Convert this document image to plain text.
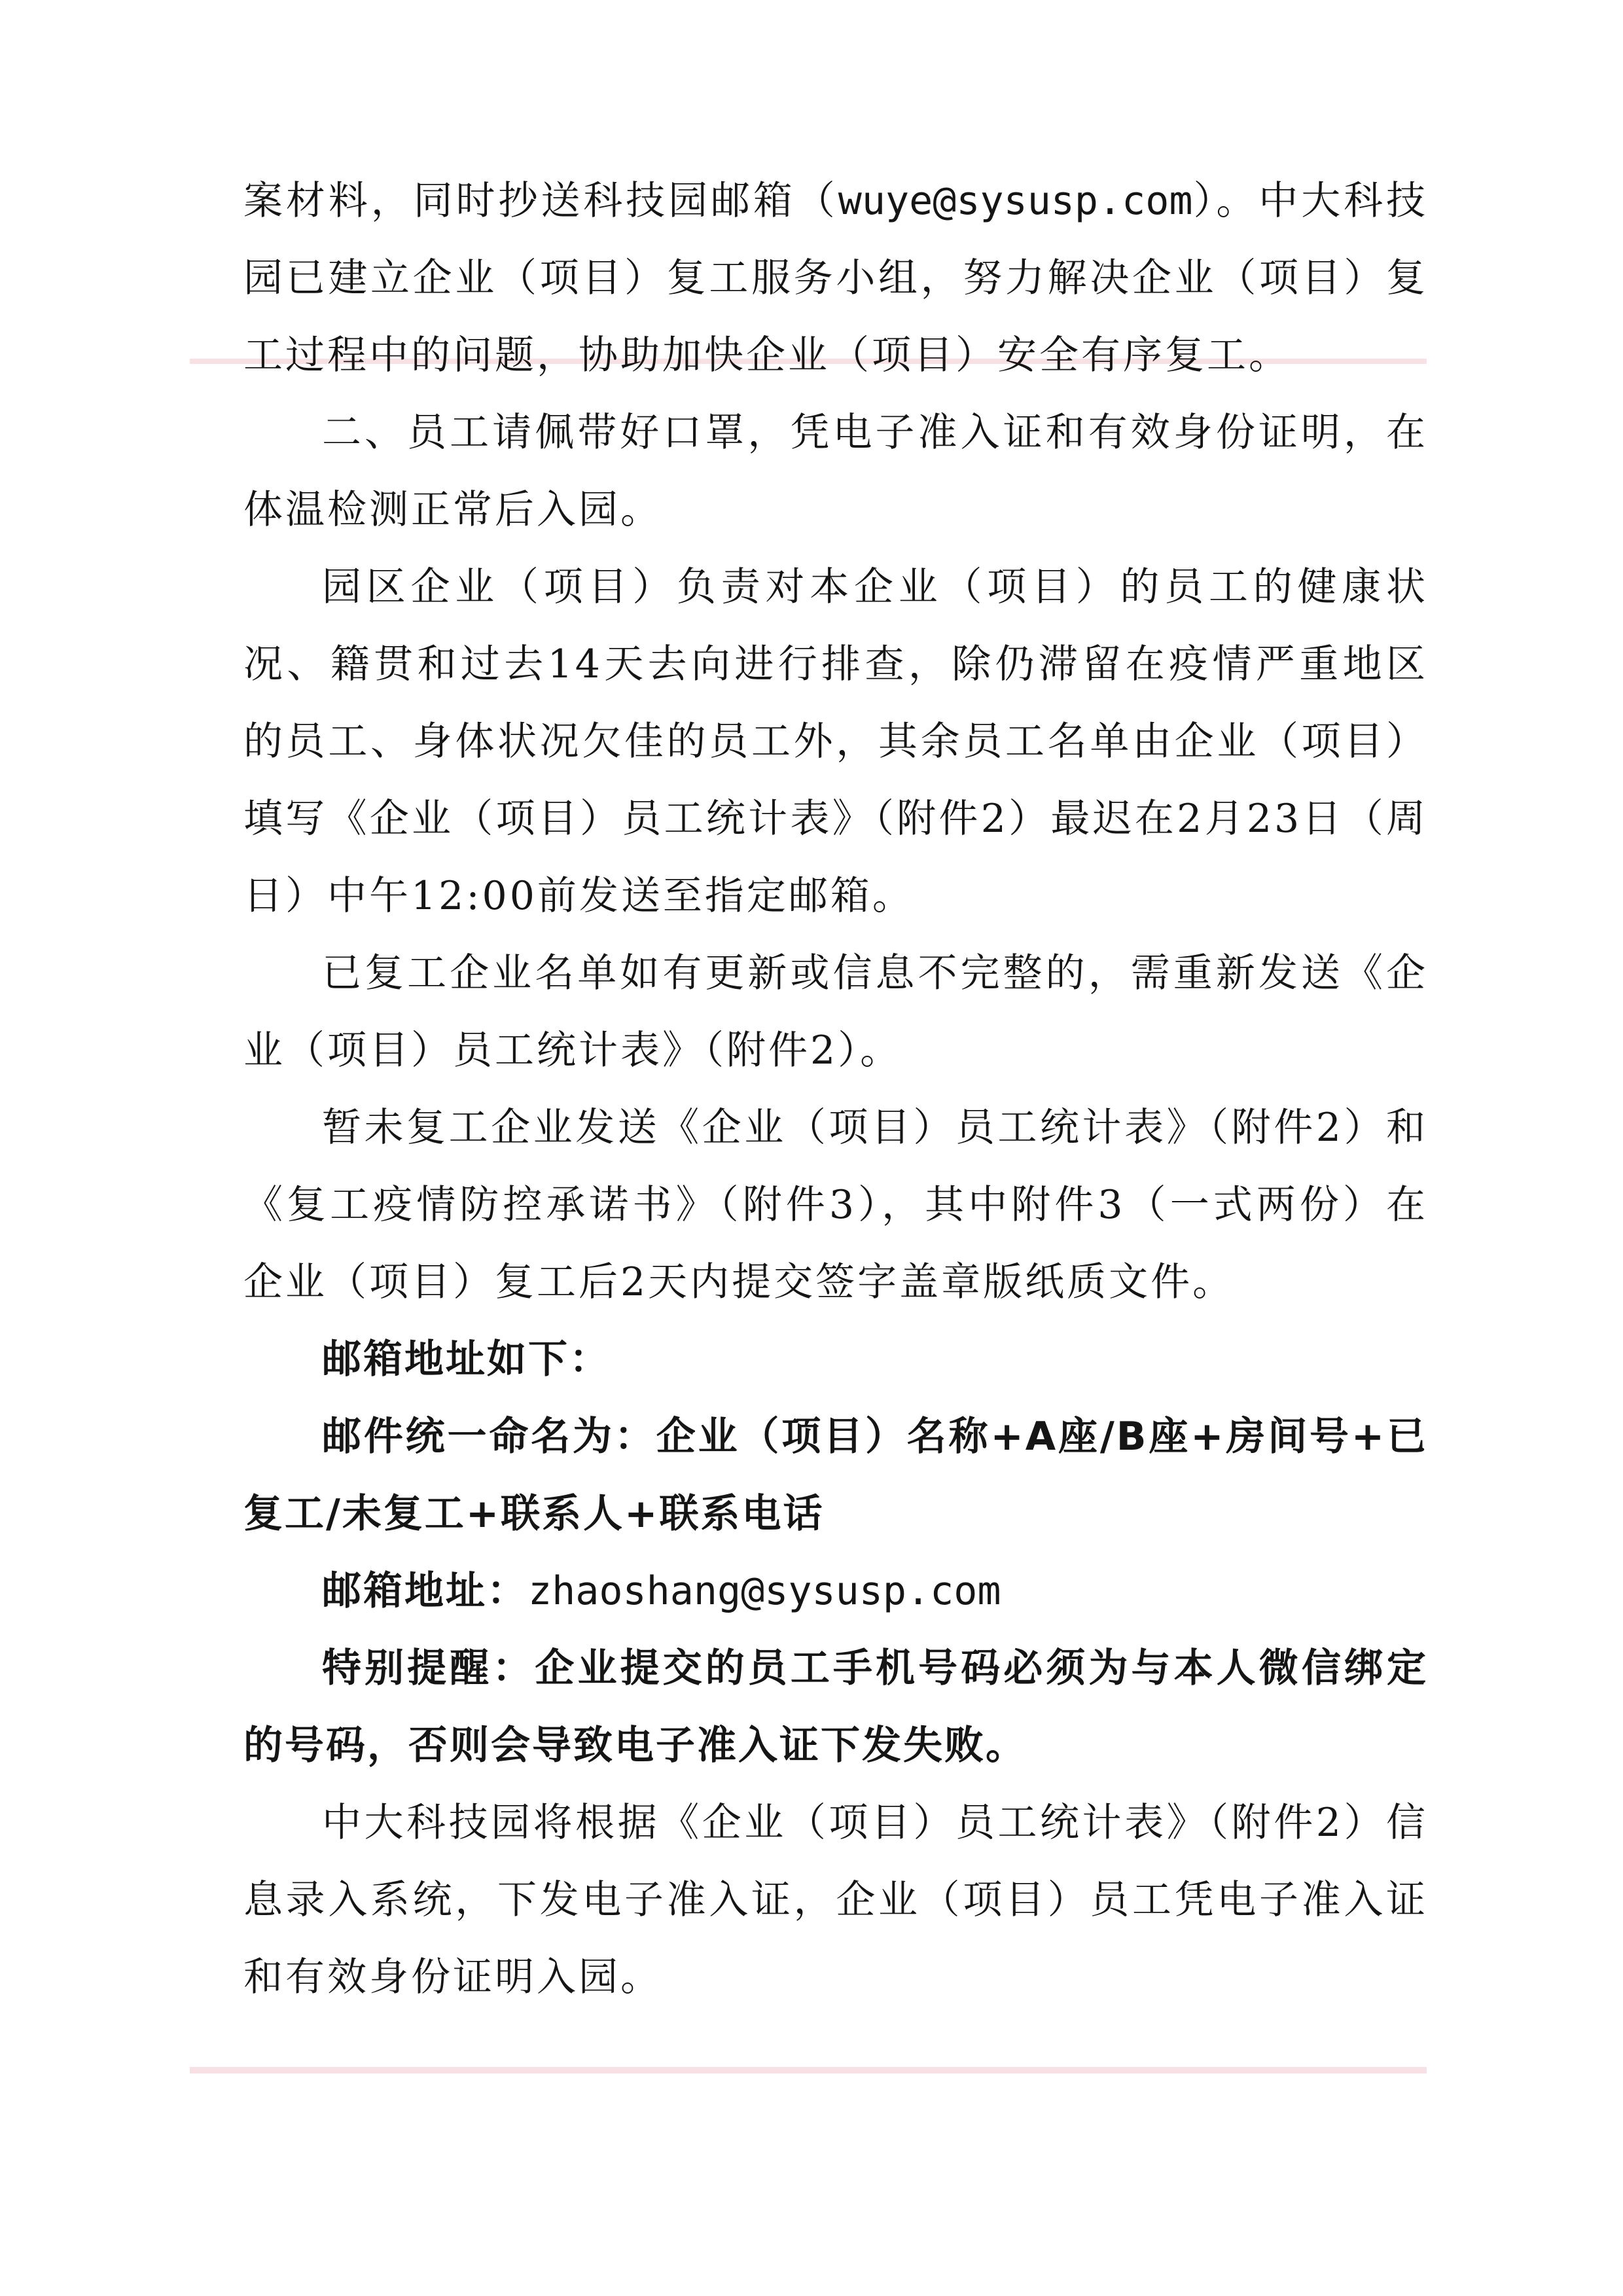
案材料，同时抄送科技园邮箱（wuye@sysusp.com）。中大科技园已建立企业（项目）复工服务小组，努力解决企业（项目）复工过程中的问题，协助加快企业（项目）安全有序复工。

二、员工请佩带好口罩，凭电子准入证和有效身份证明，在体温检测正常后入园。

园区企业（项目）负责对本企业（项目）的员工的健康状况、籍贯和过去14天去向进行排查，除仍滞留在疫情严重地区的员工、身体状况欠佳的员工外，其余员工名单由企业（项目）填写《企业（项目）员工统计表》（附件2）最迟在2月23日（周日）中午12:00前发送至指定邮箱。

已复工企业名单如有更新或信息不完整的，需重新发送《企业（项目）员工统计表》（附件2）。

暂未复工企业发送《企业（项目）员工统计表》（附件2）和《复工疫情防控承诺书》（附件3），其中附件3（一式两份）在企业（项目）复工后2天内提交签字盖章版纸质文件。

邮箱地址如下：

邮件统一命名为：企业（项目）名称+A座/B座+房间号+已复工/未复工+联系人+联系电话

邮箱地址：zhaoshang@sysusp.com

特别提醒：企业提交的员工手机号码必须为与本人微信绑定的号码，否则会导致电子准入证下发失败。

中大科技园将根据《企业（项目）员工统计表》（附件2）信息录入系统，下发电子准入证，企业（项目）员工凭电子准入证和有效身份证明入园。
